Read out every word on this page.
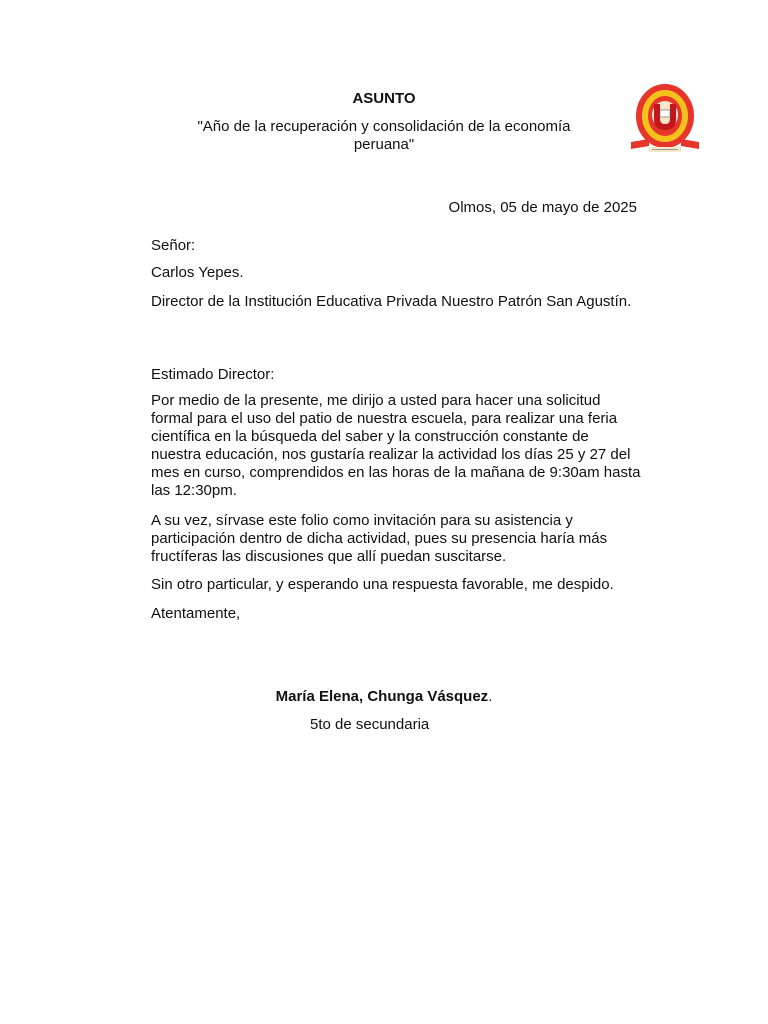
ASUNTO
"Año de la recuperación y consolidación de la economía peruana"
Olmos, 05 de mayo de 2025
Señor:
Carlos Yepes.
Director de la Institución Educativa Privada Nuestro Patrón San Agustín.
Estimado Director:
Por medio de la presente, me dirijo a usted para hacer una solicitud formal para el uso del patio de nuestra escuela, para realizar una feria científica en la búsqueda del saber y la construcción constante de nuestra educación, nos gustaría realizar la actividad los días 25 y 27 del mes en curso, comprendidos en las horas de la mañana de 9:30am hasta las 12:30pm.
A su vez, sírvase este folio como invitación para su asistencia y participación dentro de dicha actividad, pues su presencia haría más fructíferas las discusiones que allí puedan suscitarse.
Sin otro particular, y esperando una respuesta favorable, me despido.
Atentamente,
María Elena, Chunga Vásquez.
5to de secundaria
